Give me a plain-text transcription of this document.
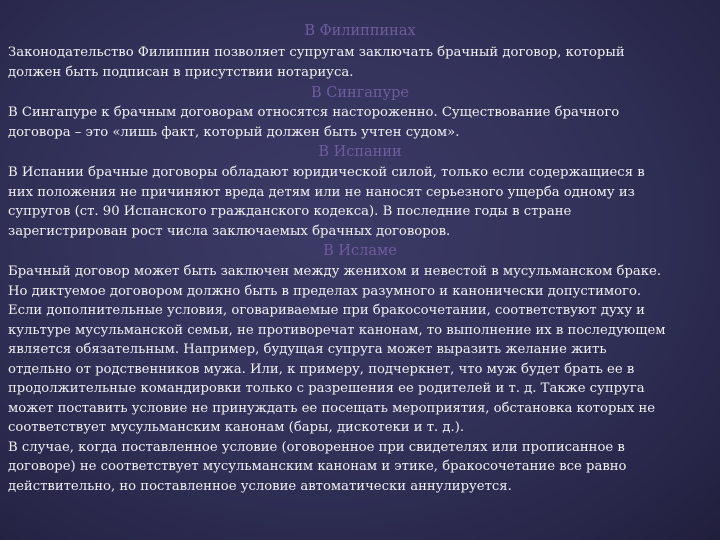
В Филиппинах
Законодательство Филиппин позволяет супругам заключать брачный договор, который
должен быть подписан в присутствии нотариуса.
В Сингапуре
В Сингапуре к брачным договорам относятся настороженно. Существование брачного
договора – это «лишь факт, который должен быть учтен судом».
В Испании
В Испании брачные договоры обладают юридической силой, только если содержащиеся в
них положения не причиняют вреда детям или не наносят серьезного ущерба одному из
супругов (ст. 90 Испанского гражданского кодекса). В последние годы в стране
зарегистрирован рост числа заключаемых брачных договоров.
В Исламе
Брачный договор может быть заключен между женихом и невестой в мусульманском браке.
Но диктуемое договором должно быть в пределах разумного и канонически допустимого.
Если дополнительные условия, оговариваемые при бракосочетании, соответствуют духу и
культуре мусульманской семьи, не противоречат канонам, то выполнение их в последующем
является обязательным. Например, будущая супруга может выразить желание жить
отдельно от родственников мужа. Или, к примеру, подчеркнет, что муж будет брать ее в
продолжительные командировки только с разрешения ее родителей и т. д. Также супруга
может поставить условие не принуждать ее посещать мероприятия, обстановка которых не
соответствует мусульманским канонам (бары, дискотеки и т. д.).
В случае, когда поставленное условие (оговоренное при свидетелях или прописанное в
договоре) не соответствует мусульманским канонам и этике, бракосочетание все равно
действительно, но поставленное условие автоматически аннулируется.
